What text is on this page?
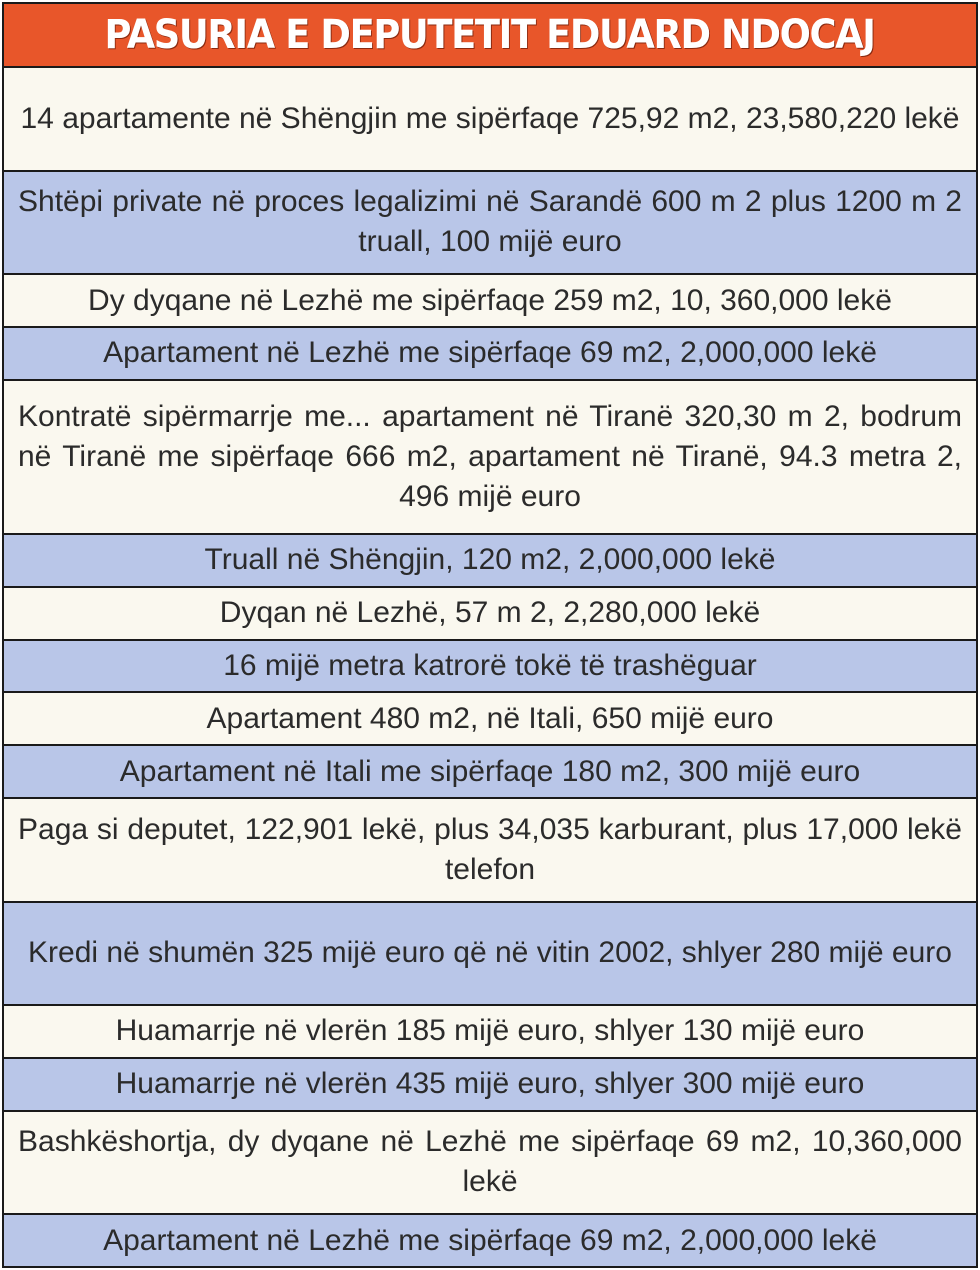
PASURIA E DEPUTETIT EDUARD NDOCAJ
14 apartamente në Shëngjin me sipërfaqe 725,92 m2, 23,580,220 lekë
Shtëpi private në proces legalizimi në Sarandë 600 m 2 plus 1200 m 2 truall, 100 mijë euro
Dy dyqane në Lezhë me sipërfaqe 259 m2, 10, 360,000 lekë
Apartament në Lezhë me sipërfaqe 69 m2, 2,000,000 lekë
Kontratë sipërmarrje me... apartament në Tiranë 320,30 m 2, bodrum në Tiranë me sipërfaqe 666 m2, apartament në Tiranë, 94.3 metra 2, 496 mijë euro
Truall në Shëngjin, 120 m2, 2,000,000 lekë
Dyqan në Lezhë, 57 m 2, 2,280,000 lekë
16 mijë metra katrorë tokë të trashëguar
Apartament 480 m2, në Itali, 650 mijë euro
Apartament në Itali me sipërfaqe 180 m2, 300 mijë euro
Paga si deputet, 122,901 lekë, plus 34,035 karburant, plus 17,000 lekë telefon
Kredi në shumën 325 mijë euro që në vitin 2002, shlyer 280 mijë euro
Huamarrje në vlerën 185 mijë euro, shlyer 130 mijë euro
Huamarrje në vlerën 435 mijë euro, shlyer 300 mijë euro
Bashkëshortja, dy dyqane në Lezhë me sipërfaqe 69 m2, 10,360,000 lekë
Apartament në Lezhë me sipërfaqe 69 m2, 2,000,000 lekë
